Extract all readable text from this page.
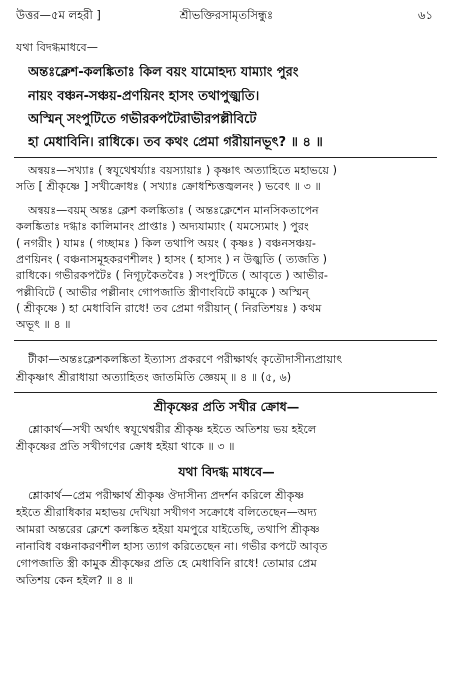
উত্তর—৫ম লহরী ]	শ্রীভক্তিরসামৃতসিন্ধুঃ	৬১
যথা বিদগ্ধমাধবে—
অন্তঃক্লেশ-কলঙ্কিতাঃ কিল বয়ং যামোহদ্য যাম্যাং পুরং
নায়ং বঞ্চন-সঞ্চয়-প্রণয়িনং হাসং তথাপুজ্ঝতি।
অস্মিন্‌ সংপুটিতে গভীরকপটৈরাভীরপল্লীবিটে
হা মেধাবিনি। রাধিকে। তব কথং প্রেমা গরীয়ানভূৎ? ॥ ৪ ॥
অন্বয়ঃ—সখ্যাঃ ( স্বযূথেশ্বর্য্যাঃ বয়স্যায়াঃ ) কৃষ্ণাৎ অত্যাহিতে মহাভয়ে )
সতি [ শ্রীকৃষ্ণে ] সখীক্রোধঃ ( সখ্যাঃ ক্রোধশ্চিত্তজ্বলনং ) ভবেৎ ॥ ৩ ॥
অন্বয়ঃ—বয়ম্‌ অন্তঃ ক্লেশ কলঙ্কিতাঃ ( অন্তঃক্লেশেন মানসিকতাপেন
কলঙ্কিতাঃ দগ্ধাঃ কালিমানং প্রাপ্তাঃ ) অদ্যযাম্যাং ( যমস্যেমাং ) পুরং
( নগরীং ) যামঃ ( গচ্ছামঃ ) কিল তথাপি অয়ং ( কৃষ্ণঃ ) বঞ্চনসঞ্চয়-
প্রণয়িনং ( বঞ্চনাসমূহকরণশীলং ) হাসং ( হাস্যং ) ন উজ্ঝতি ( ত্যজতি )
রাধিকে। গভীরকপটৈঃ ( নিগূঢ়কৈতবৈঃ ) সংপুটিতে ( আবৃতে ) আভীর-
পল্লীবিটে ( আভীর পল্লীনাং গোপজাতি স্ত্রীণাংবিটে কামুকে ) অস্মিন্‌
( শ্রীকৃষ্ণে ) হা মেধাবিনি রাধে! তব প্রেমা গরীয়ান্‌ ( নিরতিশয়ঃ ) কথম
অভূৎ ॥ ৪ ॥
টীকা—অন্তঃক্লেশকলঙ্কিতা ইত্যাস্য প্রকরণে পরীক্ষার্থং কৃতৌদাসীন্যপ্রায়াৎ
শ্রীকৃষ্ণাৎ শ্রীরাধায়া অত্যাহিতং জাতমিতি জ্ঞেয়ম্‌ ॥ ৪ ॥ (৫, ৬)
শ্রীকৃষ্ণের প্রতি সখীর ক্রোধ—
শ্লোকার্থ—সখী অর্থাৎ স্বযূথেশ্বরীর শ্রীকৃষ্ণ হইতে অতিশয় ভয় হইলে
শ্রীকৃষ্ণের প্রতি সখীগণের ক্রোধ হইয়া থাকে ॥ ৩ ॥
যথা বিদগ্ধ মাধবে—
শ্লোকার্থ—প্রেম পরীক্ষার্থ শ্রীকৃষ্ণ ঔদাসীন্য প্রদর্শন করিলে শ্রীকৃষ্ণ
হইতে শ্রীরাধিকার মহাভয় দেখিয়া সখীগণ সক্রোধে বলিতেছেন—অদ্য
আমরা অন্তরের ক্লেশে কলঙ্কিত হইয়া যমপুরে যাইতেছি, তথাপি শ্রীকৃষ্ণ
নানাবিধ বঞ্চনাকরণশীল হাস্য ত্যাগ করিতেছেন না। গভীর কপটে আবৃত
গোপজাতি স্ত্রী কামুক শ্রীকৃষ্ণের প্রতি হে মেধাবিনি রাধে! তোমার প্রেম
অতিশয় কেন হইল? ॥ ৪ ॥
